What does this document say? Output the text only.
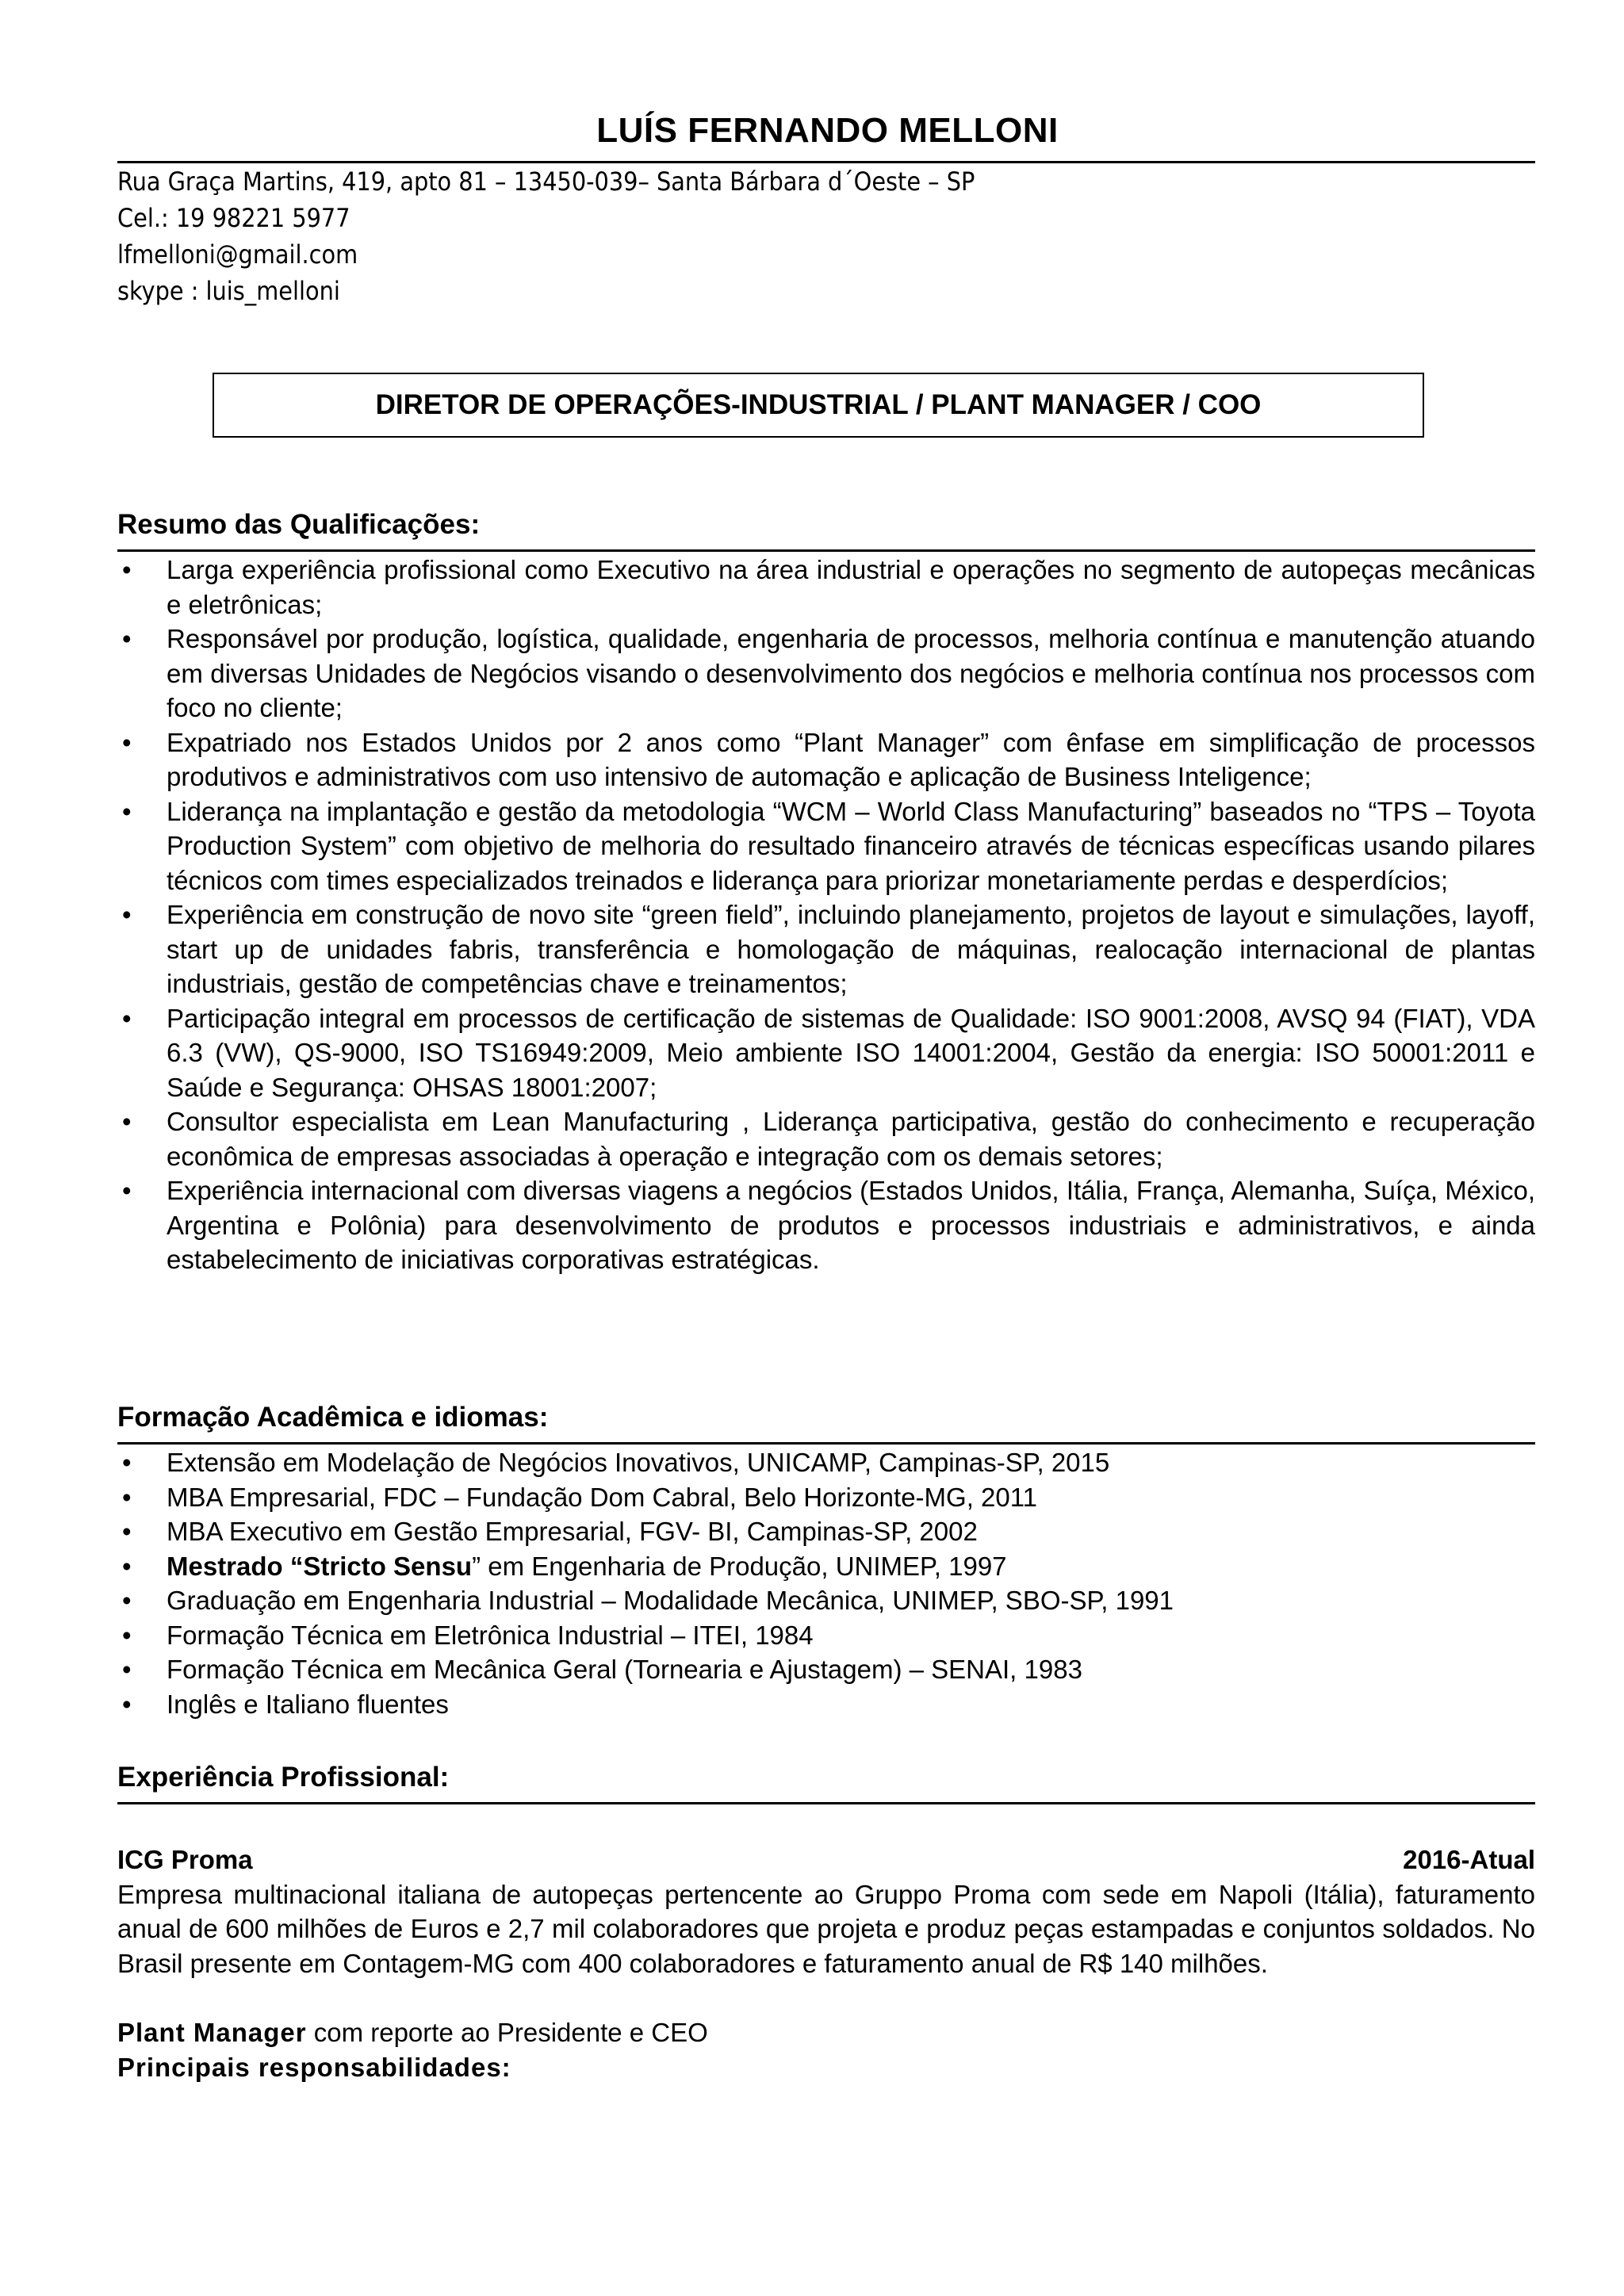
LUÍS FERNANDO MELLONI
Rua Graça Martins, 419, apto 81 – 13450-039– Santa Bárbara d´Oeste – SP
Cel.: 19 98221 5977
lfmelloni@gmail.com
skype : luis_melloni
DIRETOR DE OPERAÇÕES-INDUSTRIAL / PLANT MANAGER / COO
Resumo das Qualificações:
• Larga experiência profissional como Executivo na área industrial e operações no segmento de autopeças mecânicas e eletrônicas;
• Responsável por produção, logística, qualidade, engenharia de processos, melhoria contínua e manutenção atuando em diversas Unidades de Negócios visando o desenvolvimento dos negócios e melhoria contínua nos processos com foco no cliente;
• Expatriado nos Estados Unidos por 2 anos como “Plant Manager” com ênfase em simplificação de processos produtivos e administrativos com uso intensivo de automação e aplicação de Business Inteligence;
• Liderança na implantação e gestão da metodologia “WCM – World Class Manufacturing” baseados no “TPS – Toyota Production System” com objetivo de melhoria do resultado financeiro através de técnicas específicas usando pilares técnicos com times especializados treinados e liderança para priorizar monetariamente perdas e desperdícios;
• Experiência em construção de novo site “green field”, incluindo planejamento, projetos de layout e simulações, layoff, start up de unidades fabris, transferência e homologação de máquinas, realocação internacional de plantas industriais, gestão de competências chave e treinamentos;
• Participação integral em processos de certificação de sistemas de Qualidade: ISO 9001:2008, AVSQ 94 (FIAT), VDA 6.3 (VW), QS-9000, ISO TS16949:2009, Meio ambiente ISO 14001:2004, Gestão da energia: ISO 50001:2011 e Saúde e Segurança: OHSAS 18001:2007;
• Consultor especialista em Lean Manufacturing , Liderança participativa, gestão do conhecimento e recuperação econômica de empresas associadas à operação e integração com os demais setores;
• Experiência internacional com diversas viagens a negócios (Estados Unidos, Itália, França, Alemanha, Suíça, México, Argentina e Polônia) para desenvolvimento de produtos e processos industriais e administrativos, e ainda estabelecimento de iniciativas corporativas estratégicas.
Formação Acadêmica e idiomas:
• Extensão em Modelação de Negócios Inovativos, UNICAMP, Campinas-SP, 2015
• MBA Empresarial, FDC – Fundação Dom Cabral, Belo Horizonte-MG, 2011
• MBA Executivo em Gestão Empresarial, FGV- BI, Campinas-SP, 2002
• Mestrado “Stricto Sensu” em Engenharia de Produção, UNIMEP, 1997
• Graduação em Engenharia Industrial – Modalidade Mecânica, UNIMEP, SBO-SP, 1991
• Formação Técnica em Eletrônica Industrial – ITEI, 1984
• Formação Técnica em Mecânica Geral (Tornearia e Ajustagem) – SENAI, 1983
• Inglês e Italiano fluentes
Experiência Profissional:
ICG Proma	2016-Atual
Empresa multinacional italiana de autopeças pertencente ao Gruppo Proma com sede em Napoli (Itália), faturamento anual de 600 milhões de Euros e 2,7 mil colaboradores que projeta e produz peças estampadas e conjuntos soldados. No Brasil presente em Contagem-MG com 400 colaboradores e faturamento anual de R$ 140 milhões.
Plant Manager com reporte ao Presidente e CEO
Principais responsabilidades:
